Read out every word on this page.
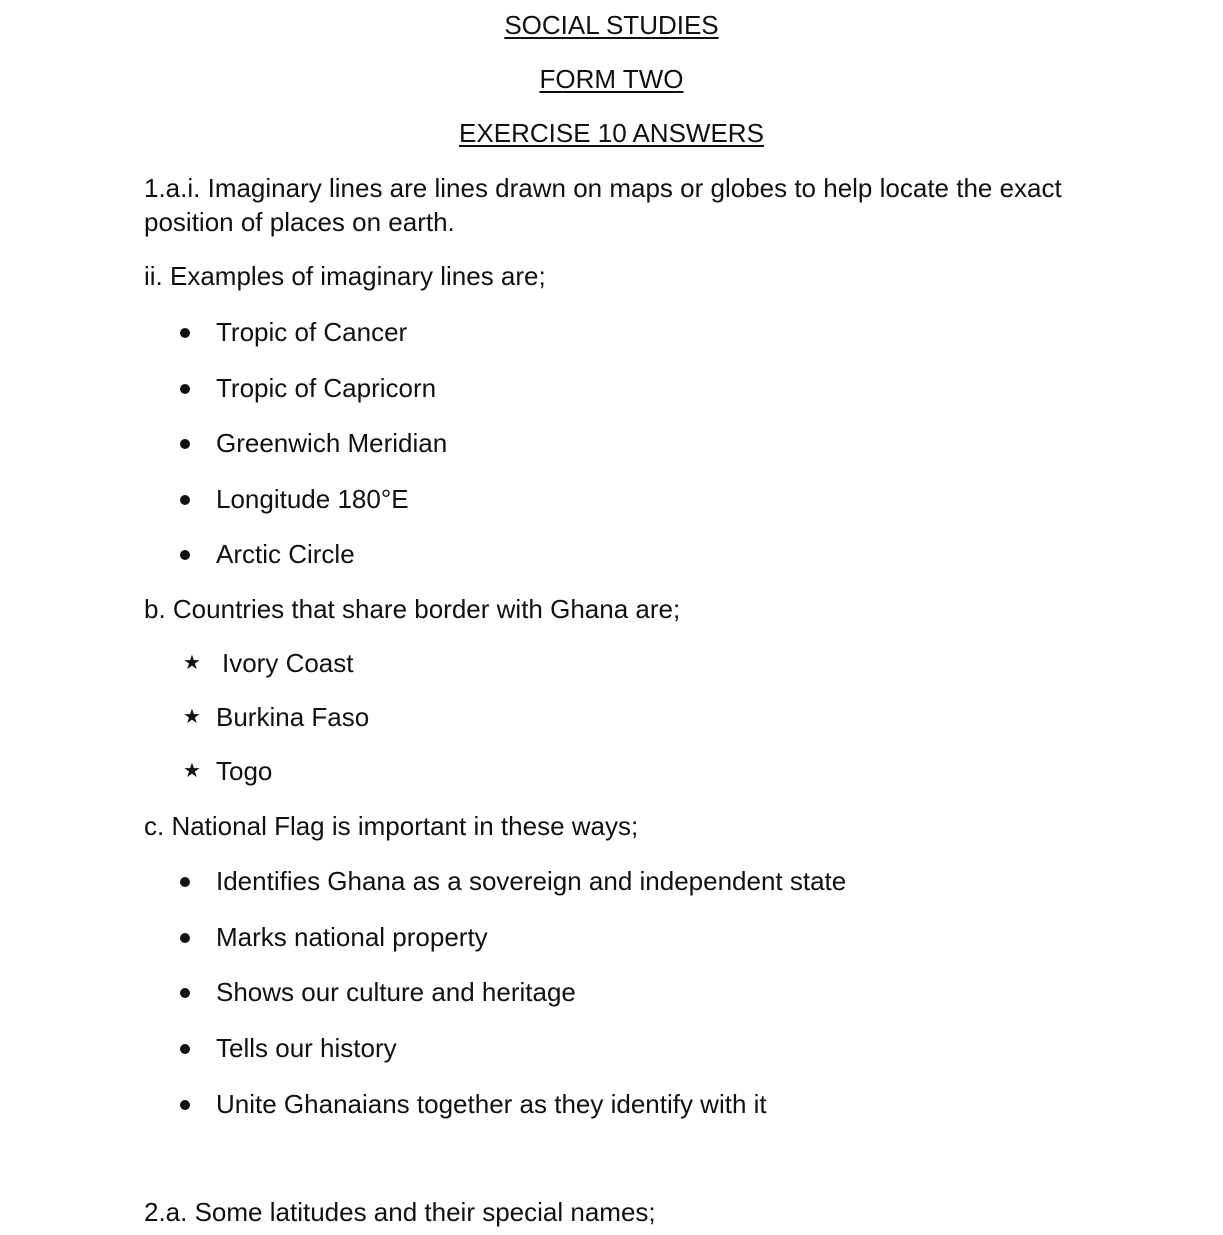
SOCIAL STUDIES

FORM TWO

EXERCISE 10 ANSWERS

1.a.i. Imaginary lines are lines drawn on maps or globes to help locate the exact position of places on earth.

ii. Examples of imaginary lines are;

Tropic of Cancer
Tropic of Capricorn
Greenwich Meridian
Longitude 180°E
Arctic Circle

b. Countries that share border with Ghana are;

★ Ivory Coast
★ Burkina Faso
★ Togo

c. National Flag is important in these ways;

Identifies Ghana as a sovereign and independent state
Marks national property
Shows our culture and heritage
Tells our history
Unite Ghanaians together as they identify with it

2.a. Some latitudes and their special names;
